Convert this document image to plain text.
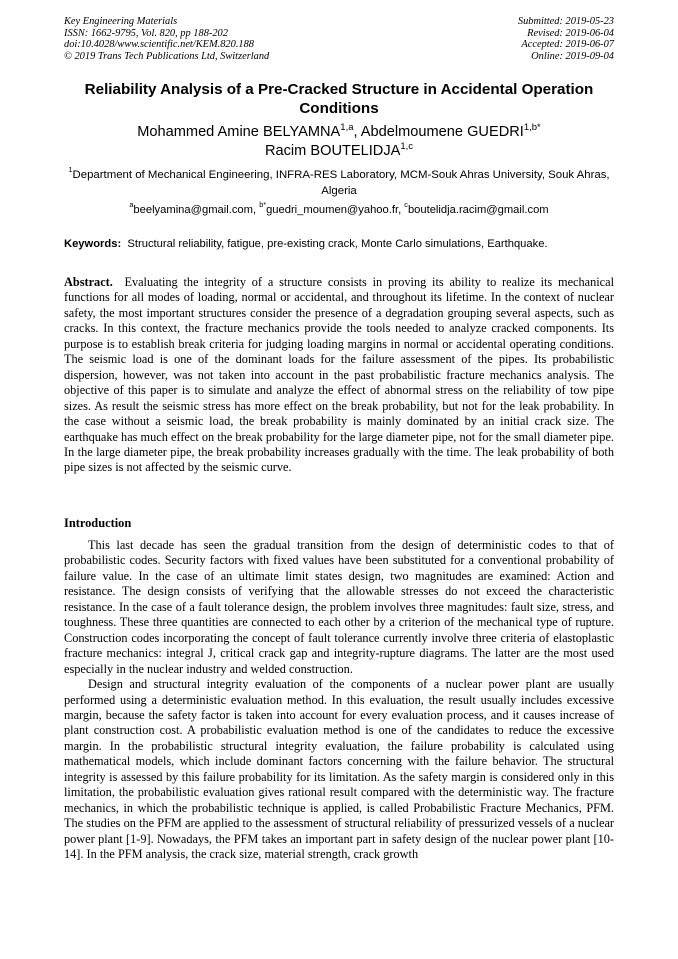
Key Engineering Materials
ISSN: 1662-9795, Vol. 820, pp 188-202
doi:10.4028/www.scientific.net/KEM.820.188
© 2019 Trans Tech Publications Ltd, Switzerland
Submitted: 2019-05-23
Revised: 2019-06-04
Accepted: 2019-06-07
Online: 2019-09-04
Reliability Analysis of a Pre-Cracked Structure in Accidental Operation Conditions
Mohammed Amine BELYAMNA$^{1,a}$, Abdelmoumene $GUEDRI^{1,b*}$
Racim BOUTELIDJA$^{1,c}$
$^1$Department of Mechanical Engineering, INFRA-RES Laboratory, MCM-Souk Ahras University, Souk Ahras, Algeria
$^a$beelyamina@gmail.com, $^{b*}$guedri_moumen@yahoo.fr, $^c$boutelidja.racim@gmail.com
Keywords: Structural reliability, fatigue, pre-existing crack, Monte Carlo simulations, Earthquake.
Abstract. Evaluating the integrity of a structure consists in proving its ability to realize its mechanical functions for all modes of loading, normal or accidental, and throughout its lifetime. In the context of nuclear safety, the most important structures consider the presence of a degradation grouping several aspects, such as cracks. In this context, the fracture mechanics provide the tools needed to analyze cracked components. Its purpose is to establish break criteria for judging loading margins in normal or accidental operating conditions. The seismic load is one of the dominant loads for the failure assessment of the pipes. Its probabilistic dispersion, however, was not taken into account in the past probabilistic fracture mechanics analysis. The objective of this paper is to simulate and analyze the effect of abnormal stress on the reliability of tow pipe sizes. As result the seismic stress has more effect on the break probability, but not for the leak probability. In the case without a seismic load, the break probability is mainly dominated by an initial crack size. The earthquake has much effect on the break probability for the large diameter pipe, not for the small diameter pipe. In the large diameter pipe, the break probability increases gradually with the time. The leak probability of both pipe sizes is not affected by the seismic curve.
Introduction

This last decade has seen the gradual transition from the design of deterministic codes to that of probabilistic codes. Security factors with fixed values have been substituted for a conventional probability of failure value. In the case of an ultimate limit states design, two magnitudes are examined: Action and resistance. The design consists of verifying that the allowable stresses do not exceed the characteristic resistance. In the case of a fault tolerance design, the problem involves three magnitudes: fault size, stress, and toughness. These three quantities are connected to each other by a criterion of the mechanical type of rupture. Construction codes incorporating the concept of fault tolerance currently involve three criteria of elastoplastic fracture mechanics: integral J, critical crack gap and integrity-rupture diagrams. The latter are the most used especially in the nuclear industry and welded construction.

Design and structural integrity evaluation of the components of a nuclear power plant are usually performed using a deterministic evaluation method. In this evaluation, the result usually includes excessive margin, because the safety factor is taken into account for every evaluation process, and it causes increase of plant construction cost. A probabilistic evaluation method is one of the candidates to reduce the excessive margin. In the probabilistic structural integrity evaluation, the failure probability is calculated using mathematical models, which include dominant factors concerning with the failure behavior. The structural integrity is assessed by this failure probability for its limitation. As the safety margin is considered only in this limitation, the probabilistic evaluation gives rational result compared with the deterministic way. The fracture mechanics, in which the probabilistic technique is applied, is called Probabilistic Fracture Mechanics, PFM. The studies on the PFM are applied to the assessment of structural reliability of pressurized vessels of a nuclear power plant [1-9]. Nowadays, the PFM takes an important part in safety design of the nuclear power plant [10-14]. In the PFM analysis, the crack size, material strength, crack growth
